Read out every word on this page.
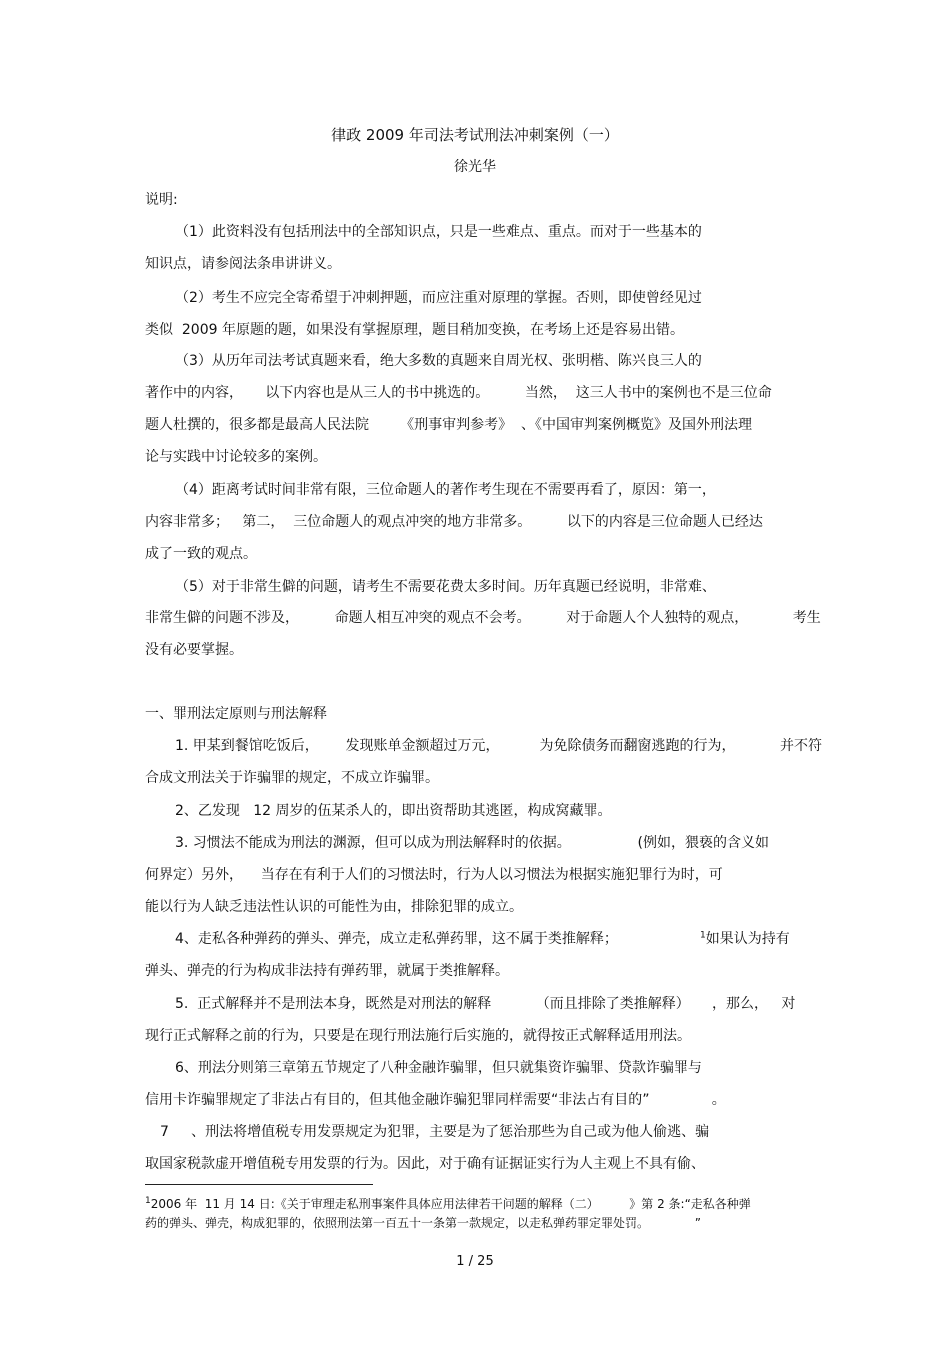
律政 2009 年司法考试刑法冲刺案例（一）
徐光华
说明:
（1）此资料没有包括刑法中的全部知识点，只是一些难点、重点。而对于一些基本的
知识点，请参阅法条串讲讲义。
（2）考生不应完全寄希望于冲刺押题，而应注重对原理的掌握。否则，即使曾经见过
类似  2009 年原题的题，如果没有掌握原理，题目稍加变换，在考场上还是容易出错。
（3）从历年司法考试真题来看，绝大多数的真题来自周光权、张明楷、陈兴良三人的
著作中的内容，     以下内容也是从三人的书中挑选的。        当然，  这三人书中的案例也不是三位命
题人杜撰的，很多都是最高人民法院       《刑事审判参考》  、《中国审判案例概览》及国外刑法理
论与实践中讨论较多的案例。
（4）距离考试时间非常有限，三位命题人的著作考生现在不需要再看了，原因：第一，
内容非常多；   第二，  三位命题人的观点冲突的地方非常多。        以下的内容是三位命题人已经达
成了一致的观点。
（5）对于非常生僻的问题，请考生不需要花费太多时间。历年真题已经说明，非常难、
非常生僻的问题不涉及，        命题人相互冲突的观点不会考。        对于命题人个人独特的观点，          考生
没有必要掌握。
一、罪刑法定原则与刑法解释
1. 甲某到餐馆吃饭后，      发现账单金额超过万元，         为免除债务而翻窗逃跑的行为，          并不符
合成文刑法关于诈骗罪的规定，不成立诈骗罪。
2、乙发现   12 周岁的伍某杀人的，即出资帮助其逃匿，构成窝藏罪。
3. 习惯法不能成为刑法的渊源，但可以成为刑法解释时的依据。               (例如，猥亵的含义如
何界定）另外，    当存在有利于人们的习惯法时，行为人以习惯法为根据实施犯罪行为时，可
能以行为人缺乏违法性认识的可能性为由，排除犯罪的成立。
4、走私各种弹药的弹头、弹壳，成立走私弹药罪，这不属于类推解释；	$^1$如果认为持有
弹头、弹壳的行为构成非法持有弹药罪，就属于类推解释。
5.  正式解释并不是刑法本身，既然是对刑法的解释          （而且排除了类推解释）     ，那么，   对
现行正式解释之前的行为，只要是在现行刑法施行后实施的，就得按正式解释适用刑法。
6、刑法分则第三章第五节规定了八种金融诈骗罪，但只就集资诈骗罪、贷款诈骗罪与
信用卡诈骗罪规定了非法占有目的，但其他金融诈骗犯罪同样需要“非法占有目的”              。
7     、刑法将增值税专用发票规定为犯罪，主要是为了惩治那些为自己或为他人偷逃、骗
取国家税款虚开增值税专用发票的行为。因此，对于确有证据证实行为人主观上不具有偷、
$^1$2006 年  11 月 14 日:《关于审理走私刑事案件具体应用法律若干问题的解释（二）        》第 2 条:“走私各种弹
药的弹头、弹壳，构成犯罪的，依照刑法第一百五十一条第一款规定，以走私弹药罪定罪处罚。            ”
1 / 25
